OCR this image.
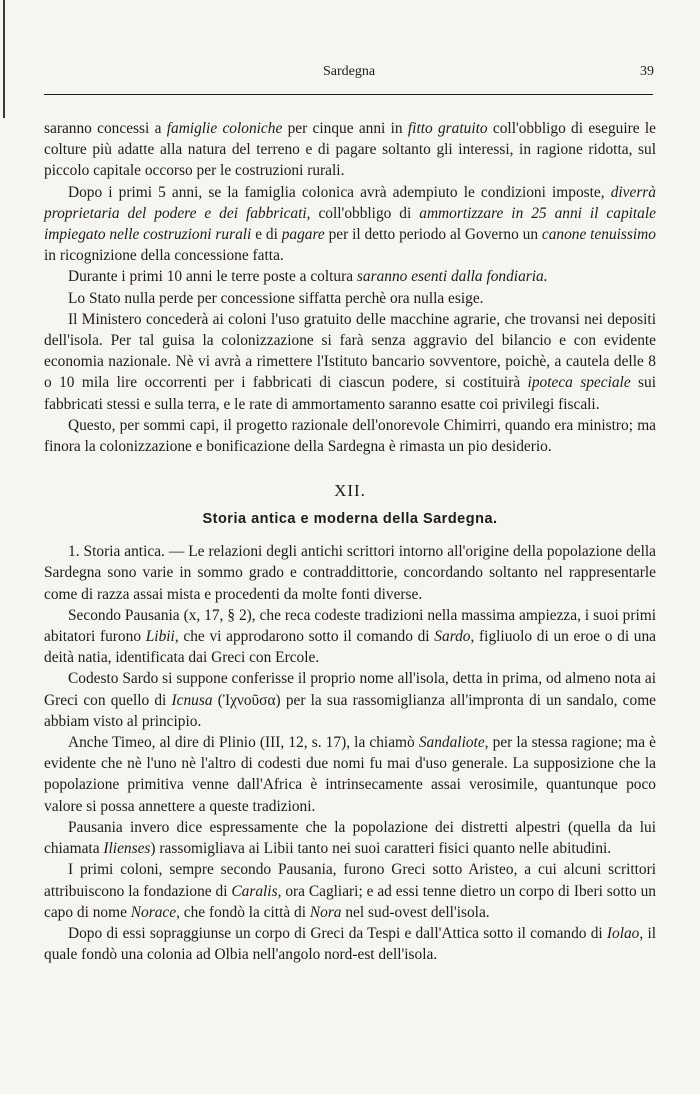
Sardegna	39

saranno concessi a famiglie coloniche per cinque anni in fitto gratuito coll'obbligo di eseguire le colture più adatte alla natura del terreno e di pagare soltanto gli interessi, in ragione ridotta, sul piccolo capitale occorso per le costruzioni rurali.

Dopo i primi 5 anni, se la famiglia colonica avrà adempiuto le condizioni imposte, diverrà proprietaria del podere e dei fabbricati, coll'obbligo di ammortizzare in 25 anni il capitale impiegato nelle costruzioni rurali e di pagare per il detto periodo al Governo un canone tenuissimo in ricognizione della concessione fatta.

Durante i primi 10 anni le terre poste a coltura saranno esenti dalla fondiaria.

Lo Stato nulla perde per concessione siffatta perchè ora nulla esige.

Il Ministero concederà ai coloni l'uso gratuito delle macchine agrarie, che trovansi nei depositi dell'isola. Per tal guisa la colonizzazione si farà senza aggravio del bilancio e con evidente economia nazionale. Nè vi avrà a rimettere l'Istituto bancario sovventore, poichè, a cautela delle 8 o 10 mila lire occorrenti per i fabbricati di ciascun podere, si costituirà ipoteca speciale sui fabbricati stessi e sulla terra, e le rate di ammortamento saranno esatte coi privilegi fiscali.

Questo, per sommi capi, il progetto razionale dell'onorevole Chimirri, quando era ministro; ma finora la colonizzazione e bonificazione della Sardegna è rimasta un pio desiderio.

XII.

Storia antica e moderna della Sardegna.

1. Storia antica. — Le relazioni degli antichi scrittori intorno all'origine della popolazione della Sardegna sono varie in sommo grado e contraddittorie, concordando soltanto nel rappresentarle come di razza assai mista e procedenti da molte fonti diverse.

Secondo Pausania (x, 17, § 2), che reca codeste tradizioni nella massima ampiezza, i suoi primi abitatori furono Libii, che vi approdarono sotto il comando di Sardo, figliuolo di un eroe o di una deità natia, identificata dai Greci con Ercole.

Codesto Sardo si suppone conferisse il proprio nome all'isola, detta in prima, od almeno nota ai Greci con quello di Icnusa (Ἰχνοῦσα) per la sua rassomiglianza all'impronta di un sandalo, come abbiam visto al principio.

Anche Timeo, al dire di Plinio (III, 12, s. 17), la chiamò Sandaliote, per la stessa ragione; ma è evidente che nè l'uno nè l'altro di codesti due nomi fu mai d'uso generale. La supposizione che la popolazione primitiva venne dall'Africa è intrinsecamente assai verosimile, quantunque poco valore si possa annettere a queste tradizioni.

Pausania invero dice espressamente che la popolazione dei distretti alpestri (quella da lui chiamata Ilienses) rassomigliava ai Libii tanto nei suoi caratteri fisici quanto nelle abitudini.

I primi coloni, sempre secondo Pausania, furono Greci sotto Aristeo, a cui alcuni scrittori attribuiscono la fondazione di Caralis, ora Cagliari; e ad essi tenne dietro un corpo di Iberi sotto un capo di nome Norace, che fondò la città di Nora nel sud-ovest dell'isola.

Dopo di essi sopraggiunse un corpo di Greci da Tespi e dall'Attica sotto il comando di Iolao, il quale fondò una colonia ad Olbia nell'angolo nord-est dell'isola.
